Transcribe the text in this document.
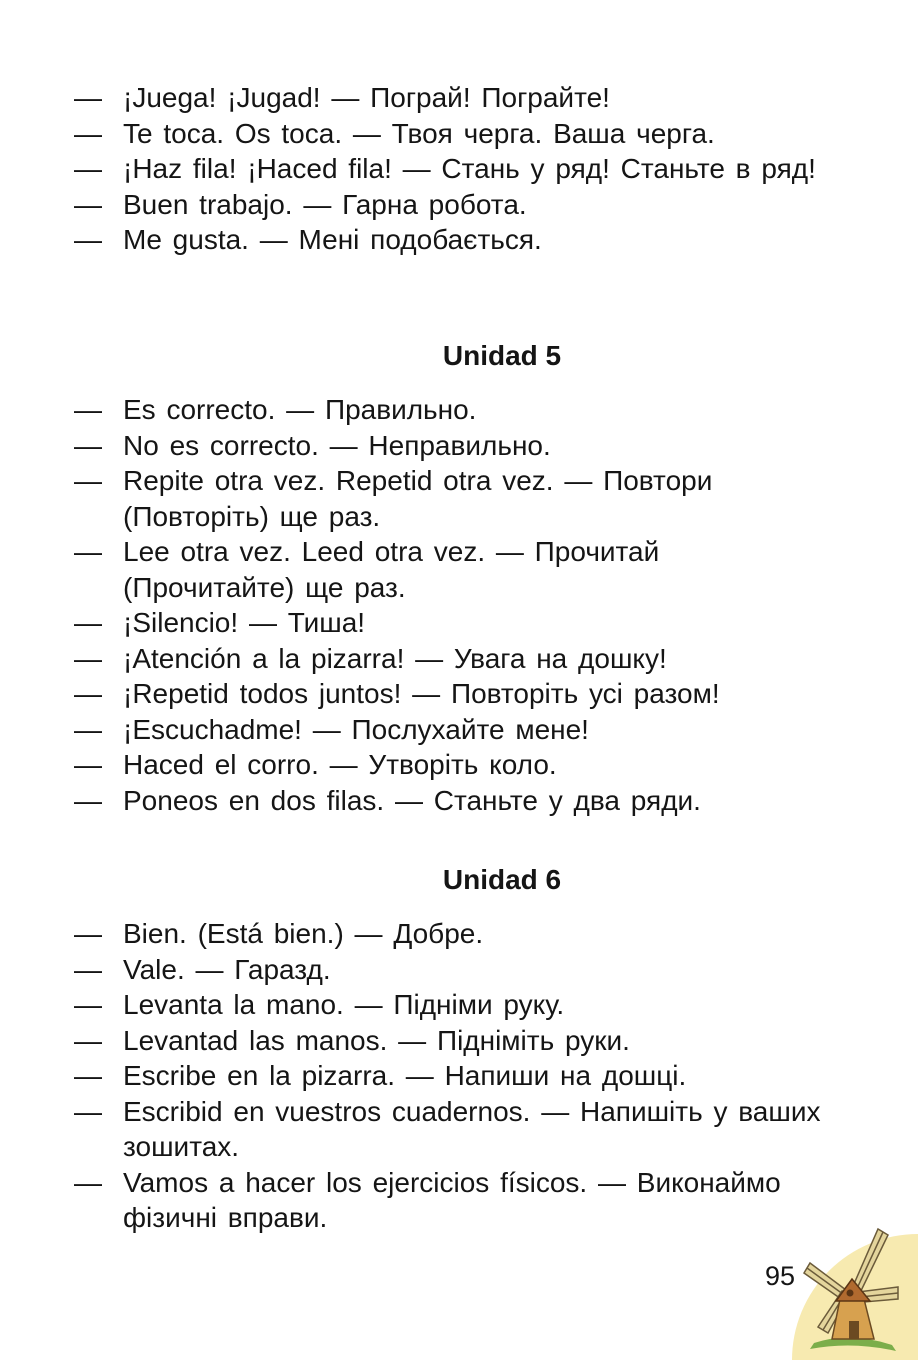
— ¡Juega! ¡Jugad! — Пограй! Пограйте!
— Te toca. Os toca. — Твоя черга. Ваша черга.
— ¡Haz fila! ¡Haced fila! — Стань у ряд! Станьте в ряд!
— Buen trabajo. — Гарна робота.
— Me gusta. — Мені подобається.
Unidad 5
— Es correcto. — Правильно.
— No es correcto. — Неправильно.
— Repite otra vez. Repetid otra vez. — Повтори (Повторіть) ще раз.
— Lee otra vez. Leed otra vez. — Прочитай (Прочитайте) ще раз.
— ¡Silencio! — Тиша!
— ¡Atención a la pizarra! — Увага на дошку!
— ¡Repetid todos juntos! — Повторіть усі разом!
— ¡Escuchadme! — Послухайте мене!
— Haced el corro. — Утворіть коло.
— Poneos en dos filas. — Станьте у два ряди.
Unidad 6
— Bien. (Está bien.) — Добре.
— Vale. — Гаразд.
— Levanta la mano. — Підніми руку.
— Levantad las manos. — Підніміть руки.
— Escribe en la pizarra. — Напиши на дошці.
— Escribid en vuestros cuadernos. — Напишіть у ваших зошитах.
— Vamos a hacer los ejercicios físicos. — Виконаймо фізичні вправи.
95
